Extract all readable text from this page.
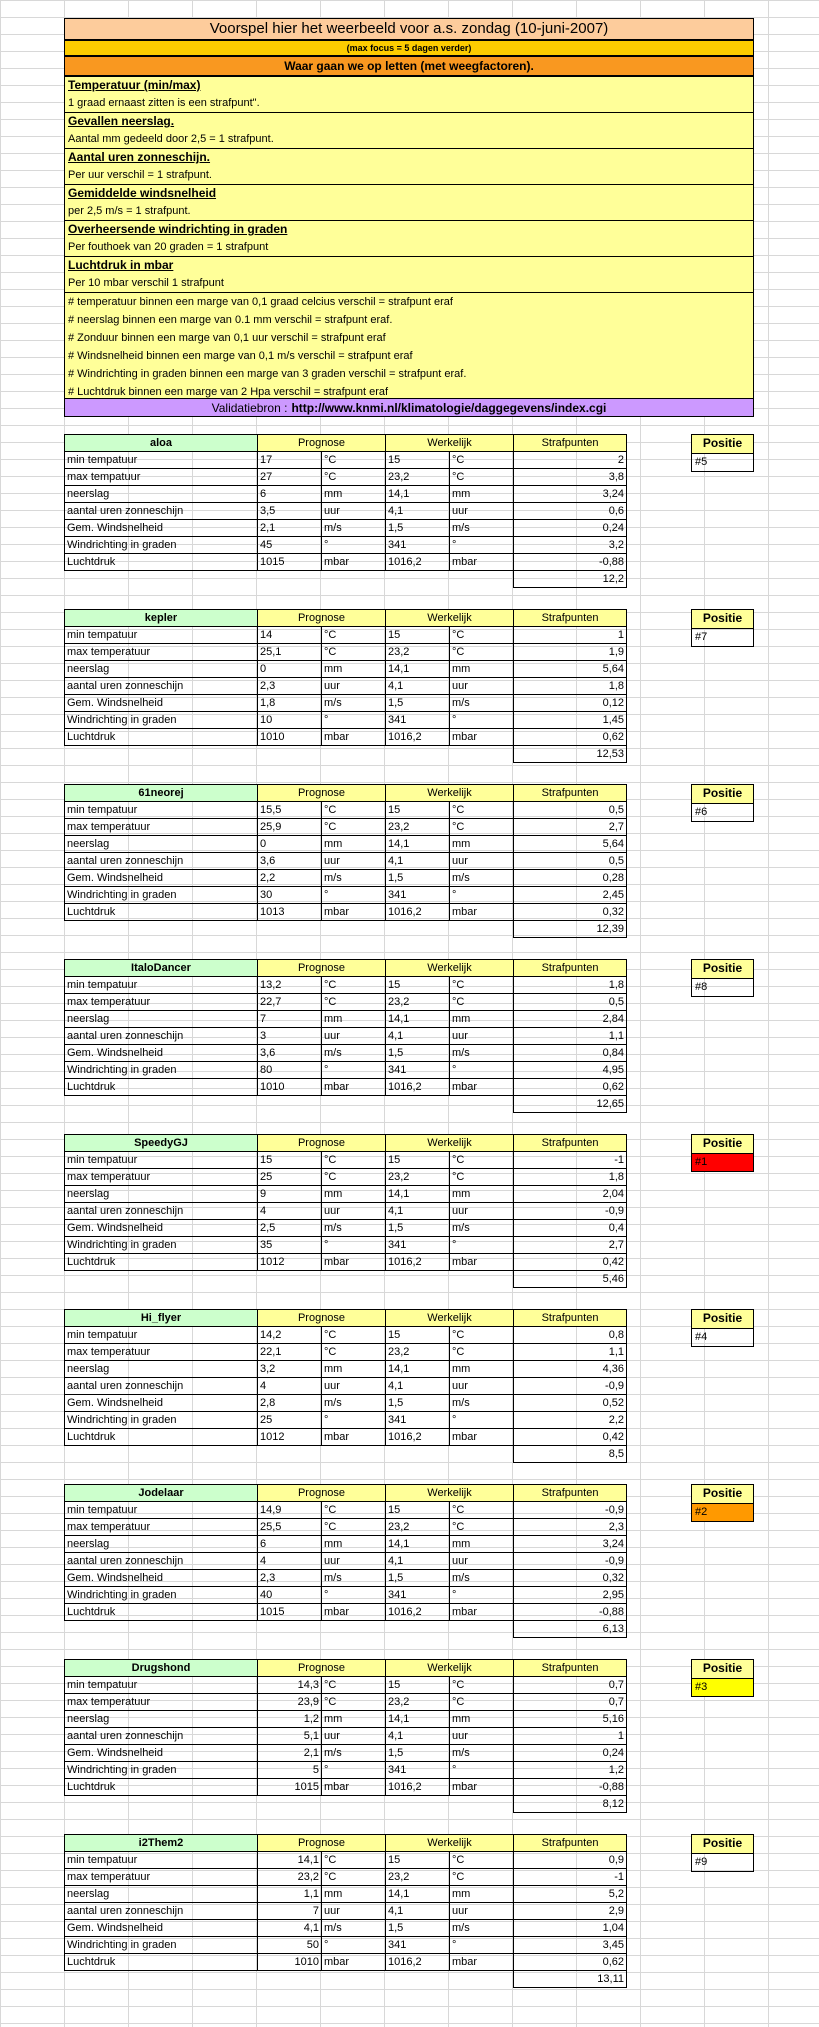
Voorspel hier het weerbeeld voor a.s. zondag (10-juni-2007)
(max focus = 5 dagen verder)
Waar gaan we op letten (met weegfactoren).
Temperatuur (min/max)
1 graad ernaast zitten is een strafpunt".
Gevallen neerslag.
Aantal mm gedeeld door 2,5 = 1 strafpunt.
Aantal uren zonneschijn.
Per uur verschil = 1 strafpunt.
Gemiddelde windsnelheid
per 2,5 m/s = 1 strafpunt.
Overheersende windrichting in graden
Per fouthoek van 20 graden = 1 strafpunt
Luchtdruk in mbar
Per 10 mbar verschil 1 strafpunt
# temperatuur binnen een marge van 0,1 graad celcius verschil = strafpunt eraf
# neerslag binnen een marge van 0.1 mm verschil = strafpunt eraf.
# Zonduur binnen een marge van 0,1 uur verschil = strafpunt eraf
# Windsnelheid binnen een marge van 0,1 m/s verschil = strafpunt eraf
# Windrichting in graden binnen een marge van 3 graden verschil = strafpunt eraf.
# Luchtdruk binnen een marge van 2 Hpa verschil = strafpunt eraf
Validatiebron : http://www.knmi.nl/klimatologie/daggegevens/index.cgi
aloa	Prognose		Werkelijk		Strafpunten
min tempatuur	17	°C	15	°C	2
max tempatuur	27	°C	23,2	°C	3,8
neerslag	6	mm	14,1	mm	3,24
aantal uren zonneschijn	3,5	uur	4,1	uur	0,6
Gem. Windsnelheid	2,1	m/s	1,5	m/s	0,24
Windrichting in graden	45	°	341	°	3,2
Luchtdruk	1015	mbar	1016,2	mbar	-0,88
					12,2
Positie
#5
kepler	Prognose		Werkelijk		Strafpunten
min tempatuur	14	°C	15	°C	1
max temperatuur	25,1	°C	23,2	°C	1,9
neerslag	0	mm	14,1	mm	5,64
aantal uren zonneschijn	2,3	uur	4,1	uur	1,8
Gem. Windsnelheid	1,8	m/s	1,5	m/s	0,12
Windrichting in graden	10	°	341	°	1,45
Luchtdruk	1010	mbar	1016,2	mbar	0,62
					12,53
Positie
#7
61neorej	Prognose		Werkelijk		Strafpunten
min tempatuur	15,5	°C	15	°C	0,5
max temperatuur	25,9	°C	23,2	°C	2,7
neerslag	0	mm	14,1	mm	5,64
aantal uren zonneschijn	3,6	uur	4,1	uur	0,5
Gem. Windsnelheid	2,2	m/s	1,5	m/s	0,28
Windrichting in graden	30	°	341	°	2,45
Luchtdruk	1013	mbar	1016,2	mbar	0,32
					12,39
Positie
#6
ItaloDancer	Prognose		Werkelijk		Strafpunten
min tempatuur	13,2	°C	15	°C	1,8
max temperatuur	22,7	°C	23,2	°C	0,5
neerslag	7	mm	14,1	mm	2,84
aantal uren zonneschijn	3	uur	4,1	uur	1,1
Gem. Windsnelheid	3,6	m/s	1,5	m/s	0,84
Windrichting in graden	80	°	341	°	4,95
Luchtdruk	1010	mbar	1016,2	mbar	0,62
					12,65
Positie
#8
SpeedyGJ	Prognose		Werkelijk		Strafpunten
min tempatuur	15	°C	15	°C	-1
max temperatuur	25	°C	23,2	°C	1,8
neerslag	9	mm	14,1	mm	2,04
aantal uren zonneschijn	4	uur	4,1	uur	-0,9
Gem. Windsnelheid	2,5	m/s	1,5	m/s	0,4
Windrichting in graden	35	°	341	°	2,7
Luchtdruk	1012	mbar	1016,2	mbar	0,42
					5,46
Positie
#1
Hi_flyer	Prognose		Werkelijk		Strafpunten
min tempatuur	14,2	°C	15	°C	0,8
max temperatuur	22,1	°C	23,2	°C	1,1
neerslag	3,2	mm	14,1	mm	4,36
aantal uren zonneschijn	4	uur	4,1	uur	-0,9
Gem. Windsnelheid	2,8	m/s	1,5	m/s	0,52
Windrichting in graden	25	°	341	°	2,2
Luchtdruk	1012	mbar	1016,2	mbar	0,42
					8,5
Positie
#4
Jodelaar	Prognose		Werkelijk		Strafpunten
min tempatuur	14,9	°C	15	°C	-0,9
max temperatuur	25,5	°C	23,2	°C	2,3
neerslag	6	mm	14,1	mm	3,24
aantal uren zonneschijn	4	uur	4,1	uur	-0,9
Gem. Windsnelheid	2,3	m/s	1,5	m/s	0,32
Windrichting in graden	40	°	341	°	2,95
Luchtdruk	1015	mbar	1016,2	mbar	-0,88
					6,13
Positie
#2
Drugshond	Prognose		Werkelijk		Strafpunten
min tempatuur	14,3	°C	15	°C	0,7
max temperatuur	23,9	°C	23,2	°C	0,7
neerslag	1,2	mm	14,1	mm	5,16
aantal uren zonneschijn	5,1	uur	4,1	uur	1
Gem. Windsnelheid	2,1	m/s	1,5	m/s	0,24
Windrichting in graden	5	°	341	°	1,2
Luchtdruk	1015	mbar	1016,2	mbar	-0,88
					8,12
Positie
#3
i2Them2	Prognose		Werkelijk		Strafpunten
min tempatuur	14,1	°C	15	°C	0,9
max temperatuur	23,2	°C	23,2	°C	-1
neerslag	1,1	mm	14,1	mm	5,2
aantal uren zonneschijn	7	uur	4,1	uur	2,9
Gem. Windsnelheid	4,1	m/s	1,5	m/s	1,04
Windrichting in graden	50	°	341	°	3,45
Luchtdruk	1010	mbar	1016,2	mbar	0,62
					13,11
Positie
#9
